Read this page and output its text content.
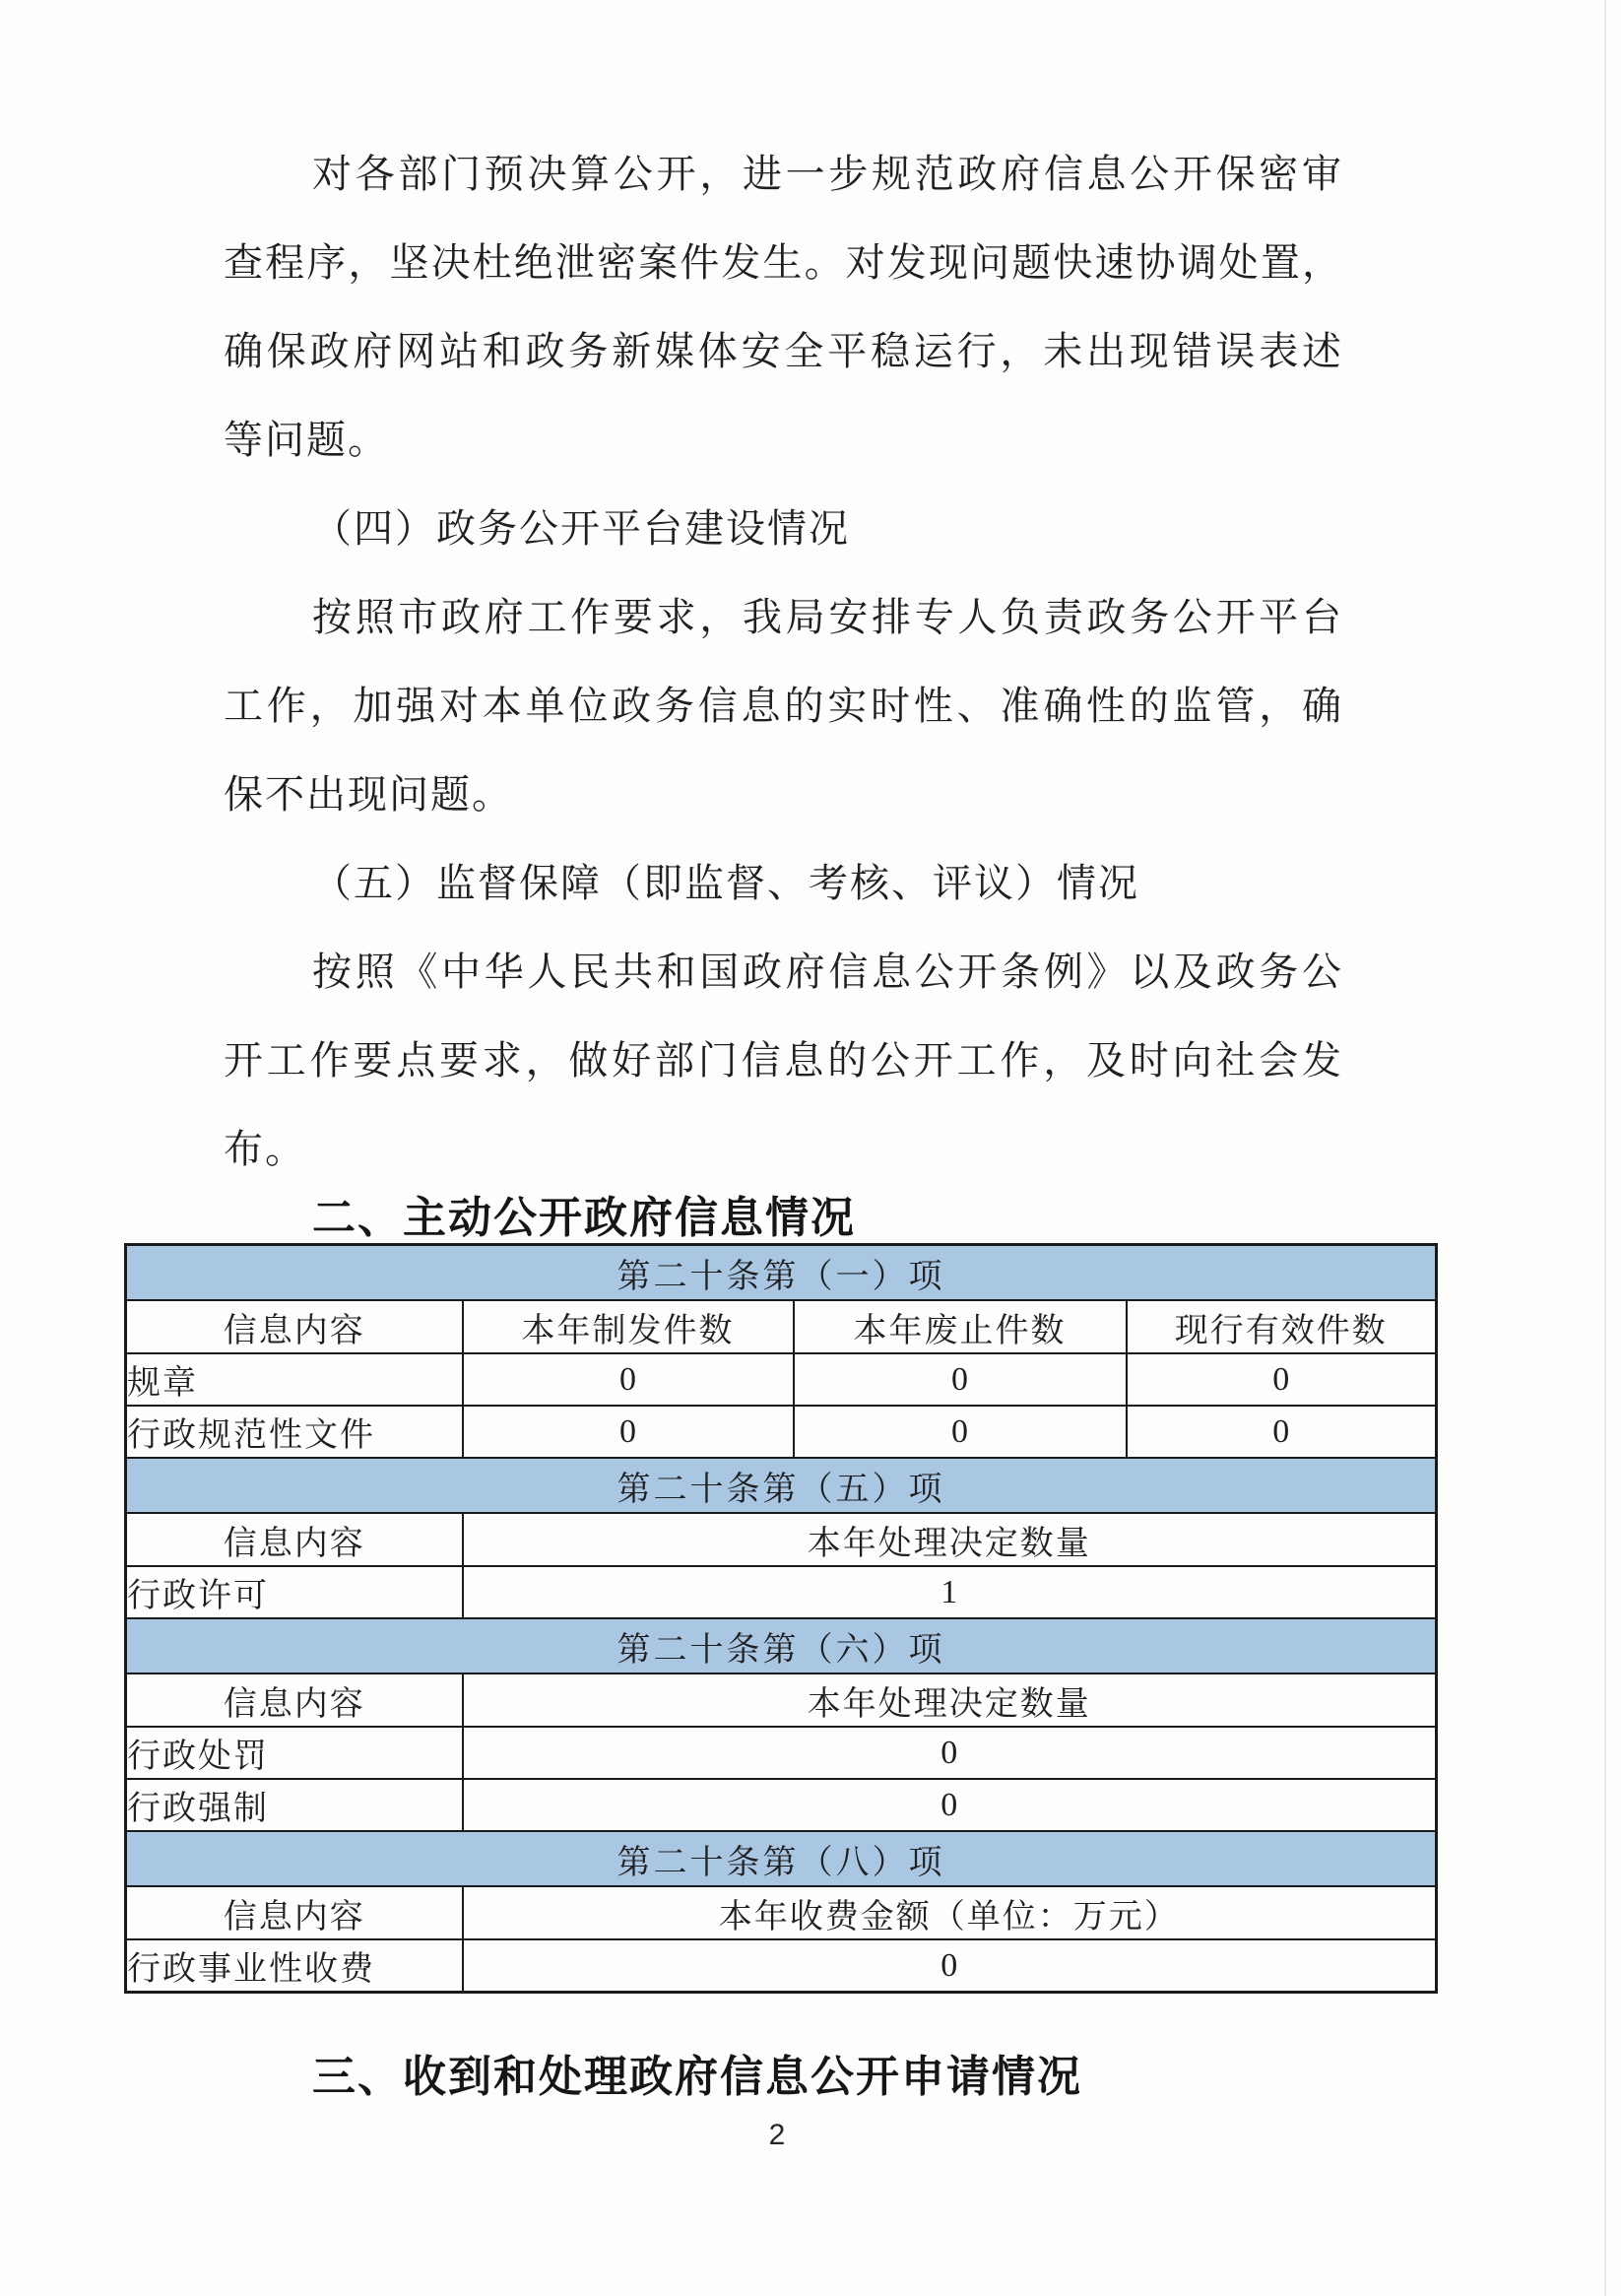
对各部门预决算公开，进一步规范政府信息公开保密审
查程序，坚决杜绝泄密案件发生。对发现问题快速协调处置，
确保政府网站和政务新媒体安全平稳运行，未出现错误表述
等问题。
（四）政务公开平台建设情况
按照市政府工作要求，我局安排专人负责政务公开平台
工作，加强对本单位政务信息的实时性、准确性的监管，确
保不出现问题。
（五）监督保障（即监督、考核、评议）情况
按照《中华人民共和国政府信息公开条例》以及政务公
开工作要点要求，做好部门信息的公开工作，及时向社会发
布。
二、主动公开政府信息情况
第二十条第（一）项			
信息内容	本年制发件数	本年废止件数	现行有效件数
规章	0	0	0
行政规范性文件	0	0	0
第二十条第（五）项			
信息内容	本年处理决定数量		
行政许可	1		
第二十条第（六）项			
信息内容	本年处理决定数量		
行政处罚	0		
行政强制	0		
第二十条第（八）项			
信息内容	本年收费金额（单位：万元）		
行政事业性收费	0		
三、收到和处理政府信息公开申请情况
2
